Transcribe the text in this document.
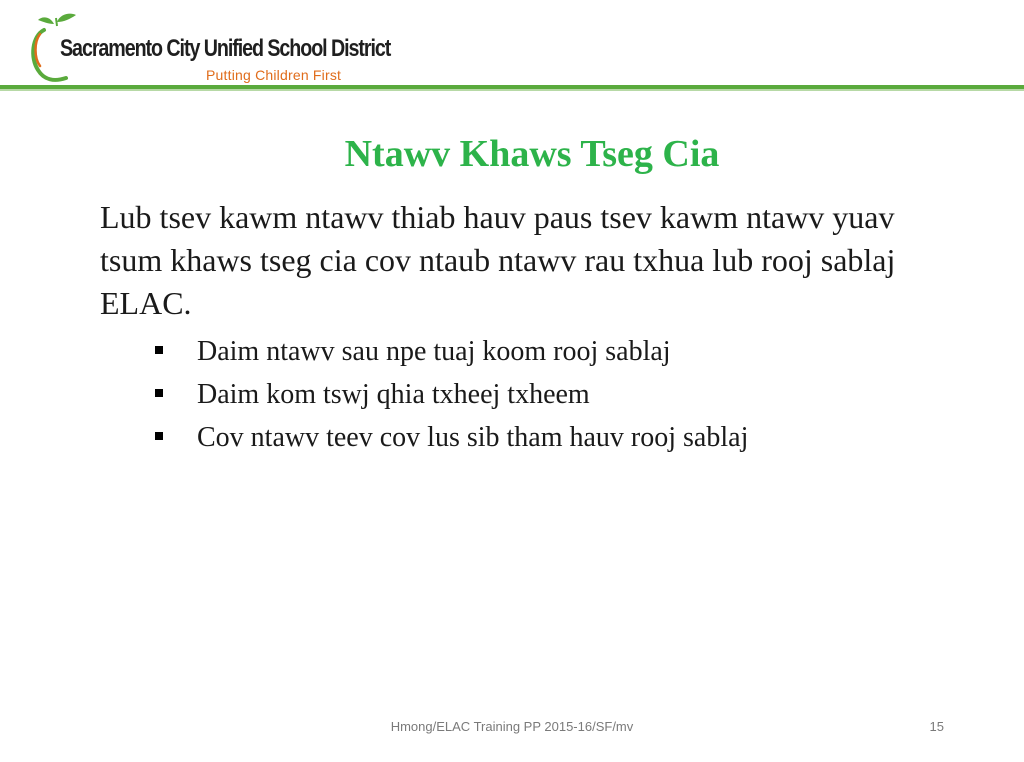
Sacramento City Unified School District
Putting Children First
Ntawv Khaws Tseg Cia

Lub tsev kawm ntawv thiab hauv paus tsev kawm ntawv yuav tsum khaws tseg cia cov ntaub ntawv rau txhua lub rooj sablaj ELAC.

Daim ntawv sau npe tuaj koom rooj sablaj
Daim kom tswj qhia txheej txheem
Cov ntawv teev cov lus sib tham hauv rooj sablaj
Hmong/ELAC Training PP 2015-16/SF/mv	15
